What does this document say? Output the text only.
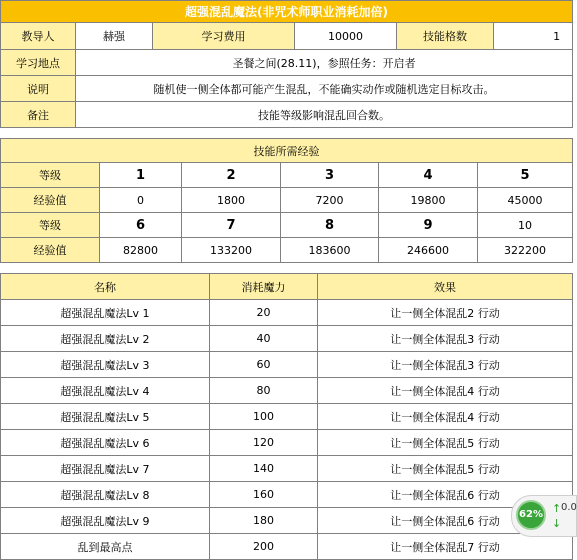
超强混乱魔法(非咒术师职业消耗加倍)					
教导人	赫强	学习费用	10000	技能格数	1
学习地点	圣餐之间(28.11)，参照任务：开启者				
说明	随机使一侧全体都可能产生混乱，不能确实动作或随机选定目标攻击。				
备注	技能等级影响混乱回合数。				
技能所需经验					
等级	1	2	3	4	5
经验值	0	1800	7200	19800	45000
等级	6	7	8	9	10
经验值	82800	133200	183600	246600	322200
名称	消耗魔力	效果
超强混乱魔法Lv 1	20	让一侧全体混乱2 行动
超强混乱魔法Lv 2	40	让一侧全体混乱3 行动
超强混乱魔法Lv 3	60	让一侧全体混乱3 行动
超强混乱魔法Lv 4	80	让一侧全体混乱4 行动
超强混乱魔法Lv 5	100	让一侧全体混乱4 行动
超强混乱魔法Lv 6	120	让一侧全体混乱5 行动
超强混乱魔法Lv 7	140	让一侧全体混乱5 行动
超强混乱魔法Lv 8	160	让一侧全体混乱6 行动
超强混乱魔法Lv 9	180	让一侧全体混乱6 行动
乱到最高点	200	让一侧全体混乱7 行动
62% ↑ 0.0
↓
